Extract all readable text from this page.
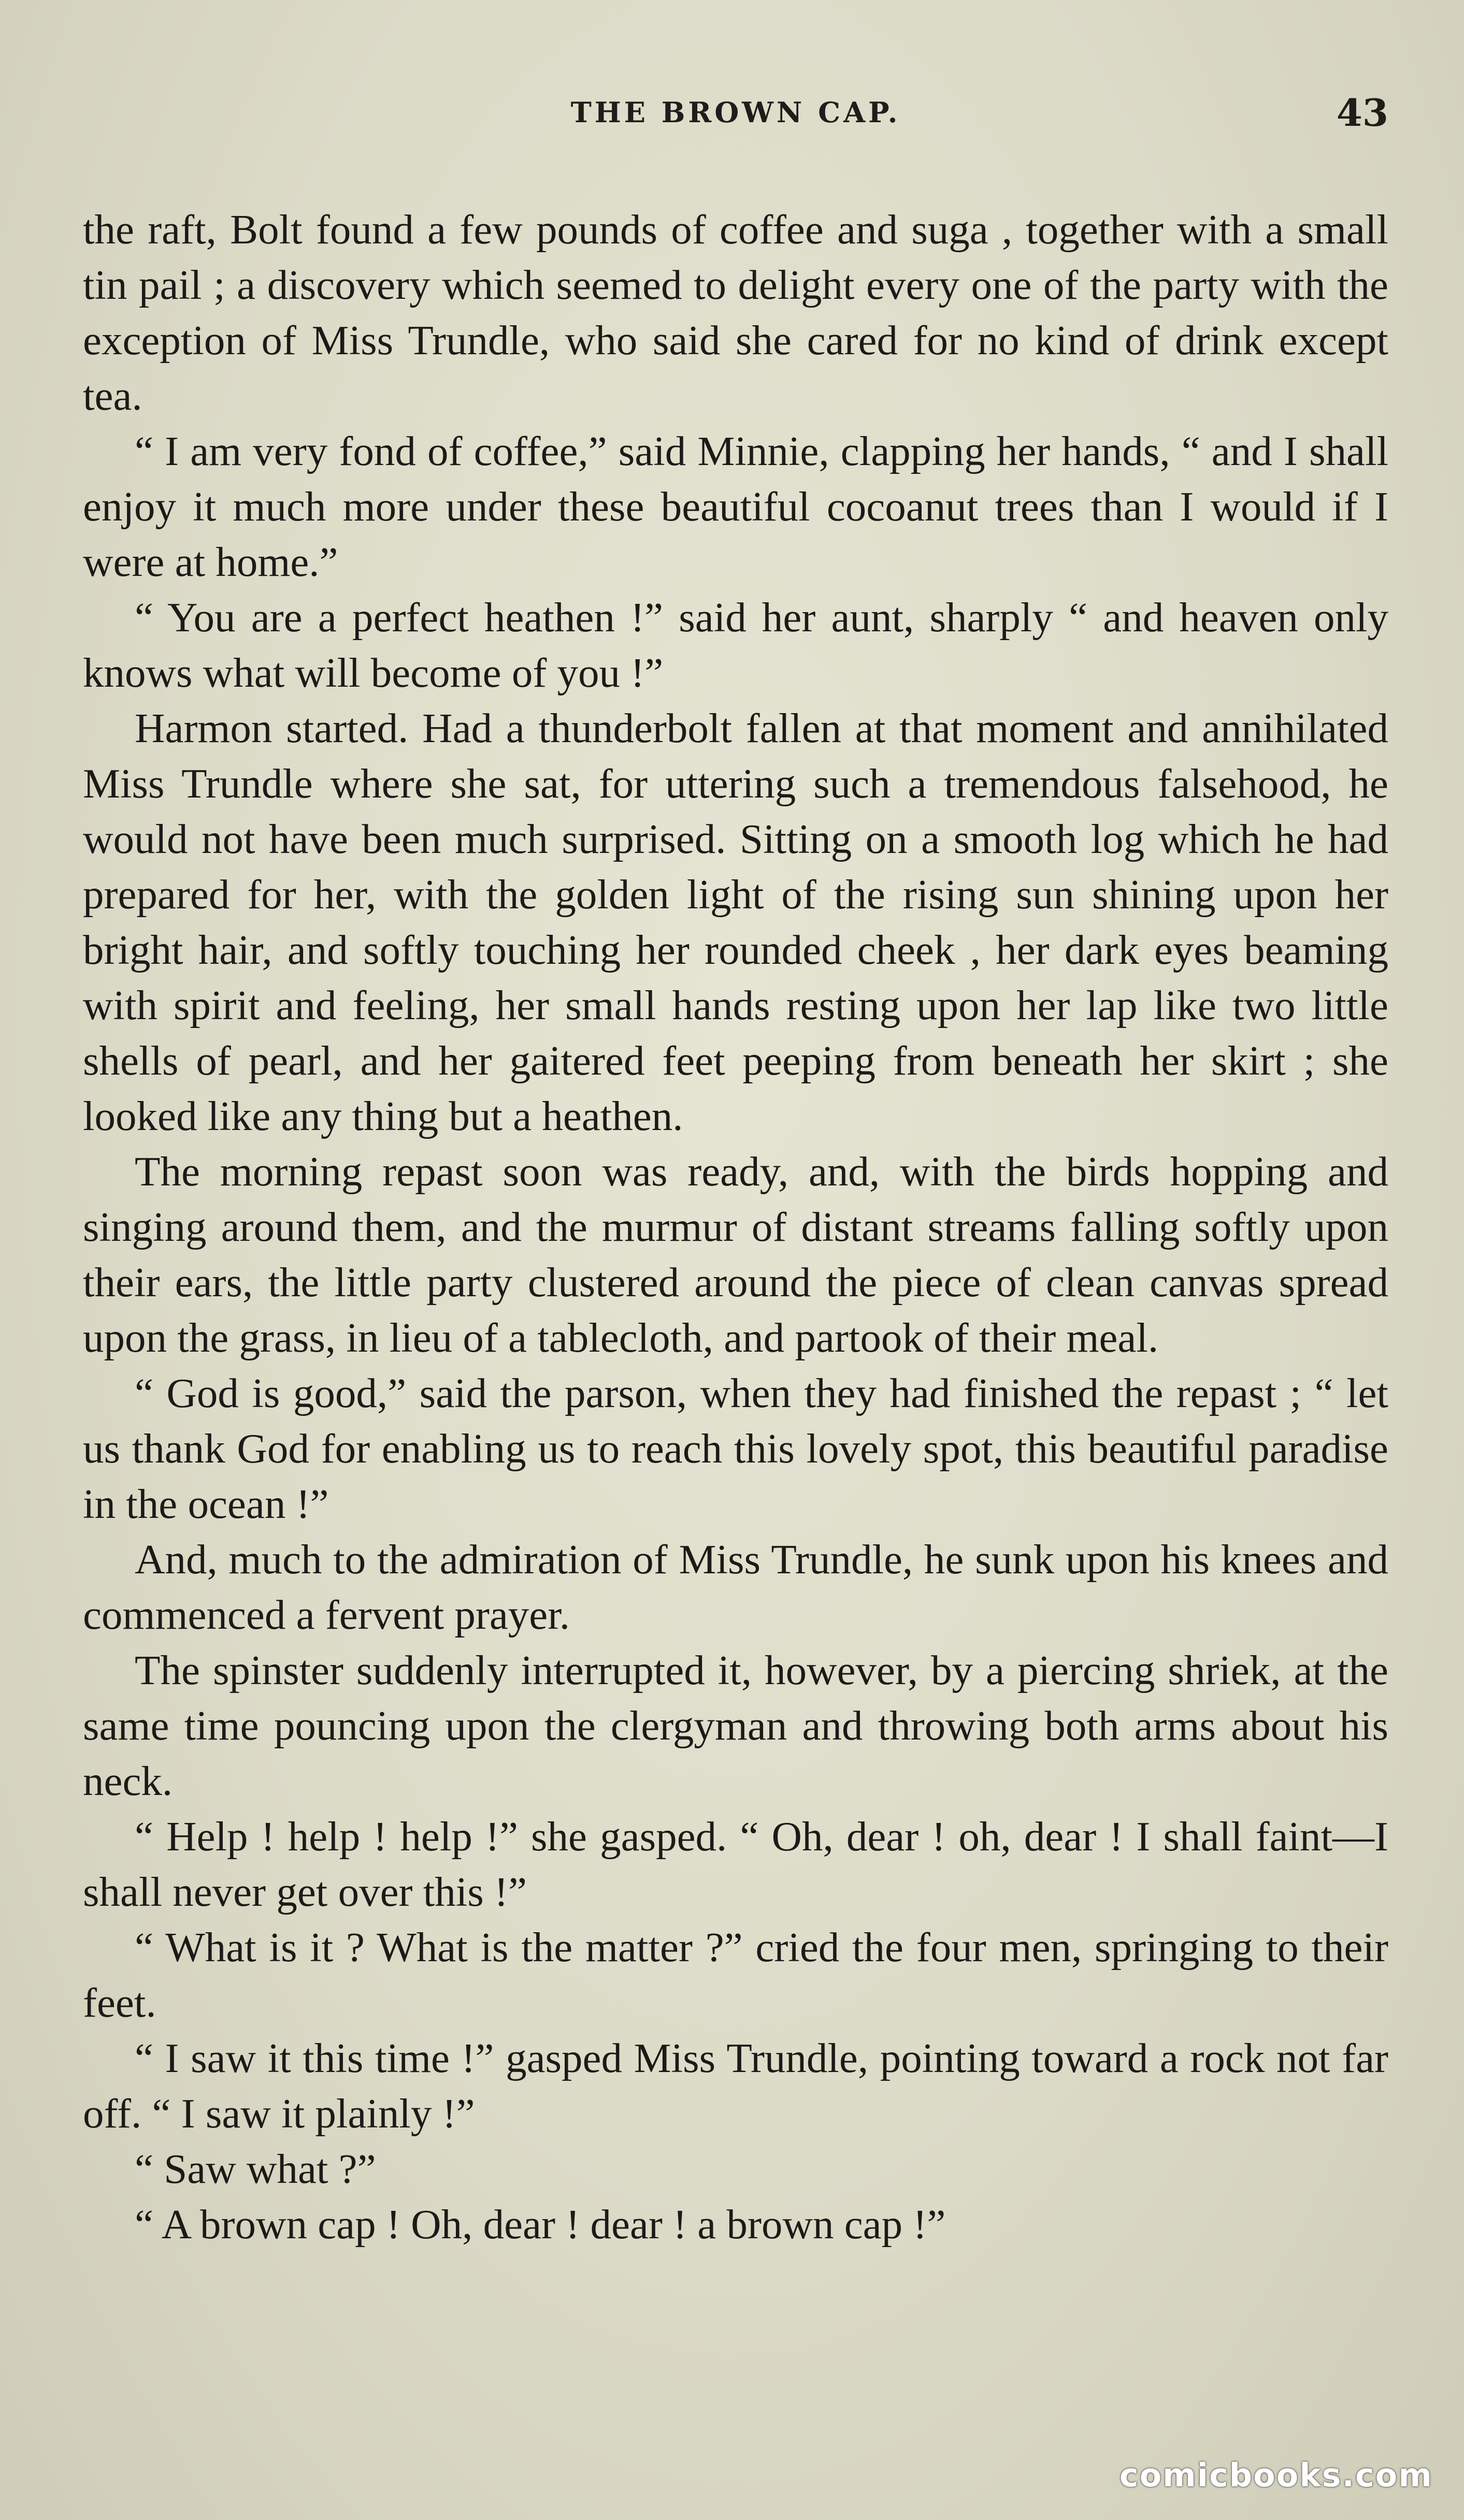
THE BROWN CAP.	43

the raft, Bolt found a few pounds of coffee and suga , together with a small tin pail ; a discovery which seemed to delight every one of the party with the exception of Miss Trundle, who said she cared for no kind of drink except tea.

“ I am very fond of coffee,” said Minnie, clapping her hands, “ and I shall enjoy it much more under these beautiful cocoanut trees than I would if I were at home.”

“ You are a perfect heathen !” said her aunt, sharply “ and heaven only knows what will become of you !”

Harmon started. Had a thunderbolt fallen at that moment and annihilated Miss Trundle where she sat, for uttering such a tremendous falsehood, he would not have been much surprised. Sitting on a smooth log which he had prepared for her, with the golden light of the rising sun shining upon her bright hair, and softly touching her rounded cheek , her dark eyes beaming with spirit and feeling, her small hands resting upon her lap like two little shells of pearl, and her gaitered feet peeping from beneath her skirt ; she looked like any thing but a heathen.

The morning repast soon was ready, and, with the birds hopping and singing around them, and the murmur of distant streams falling softly upon their ears, the little party clustered around the piece of clean canvas spread upon the grass, in lieu of a tablecloth, and partook of their meal.

“ God is good,” said the parson, when they had finished the repast ; “ let us thank God for enabling us to reach this lovely spot, this beautiful paradise in the ocean !”

And, much to the admiration of Miss Trundle, he sunk upon his knees and commenced a fervent prayer.

The spinster suddenly interrupted it, however, by a piercing shriek, at the same time pouncing upon the clergyman and throwing both arms about his neck.

“ Help ! help ! help !” she gasped. “ Oh, dear ! oh, dear ! I shall faint—I shall never get over this !”

“ What is it ? What is the matter ?” cried the four men, springing to their feet.

“ I saw it this time !” gasped Miss Trundle, pointing toward a rock not far off. “ I saw it plainly !”

“ Saw what ?”

“ A brown cap ! Oh, dear ! dear ! a brown cap !”

comicbooks.com
